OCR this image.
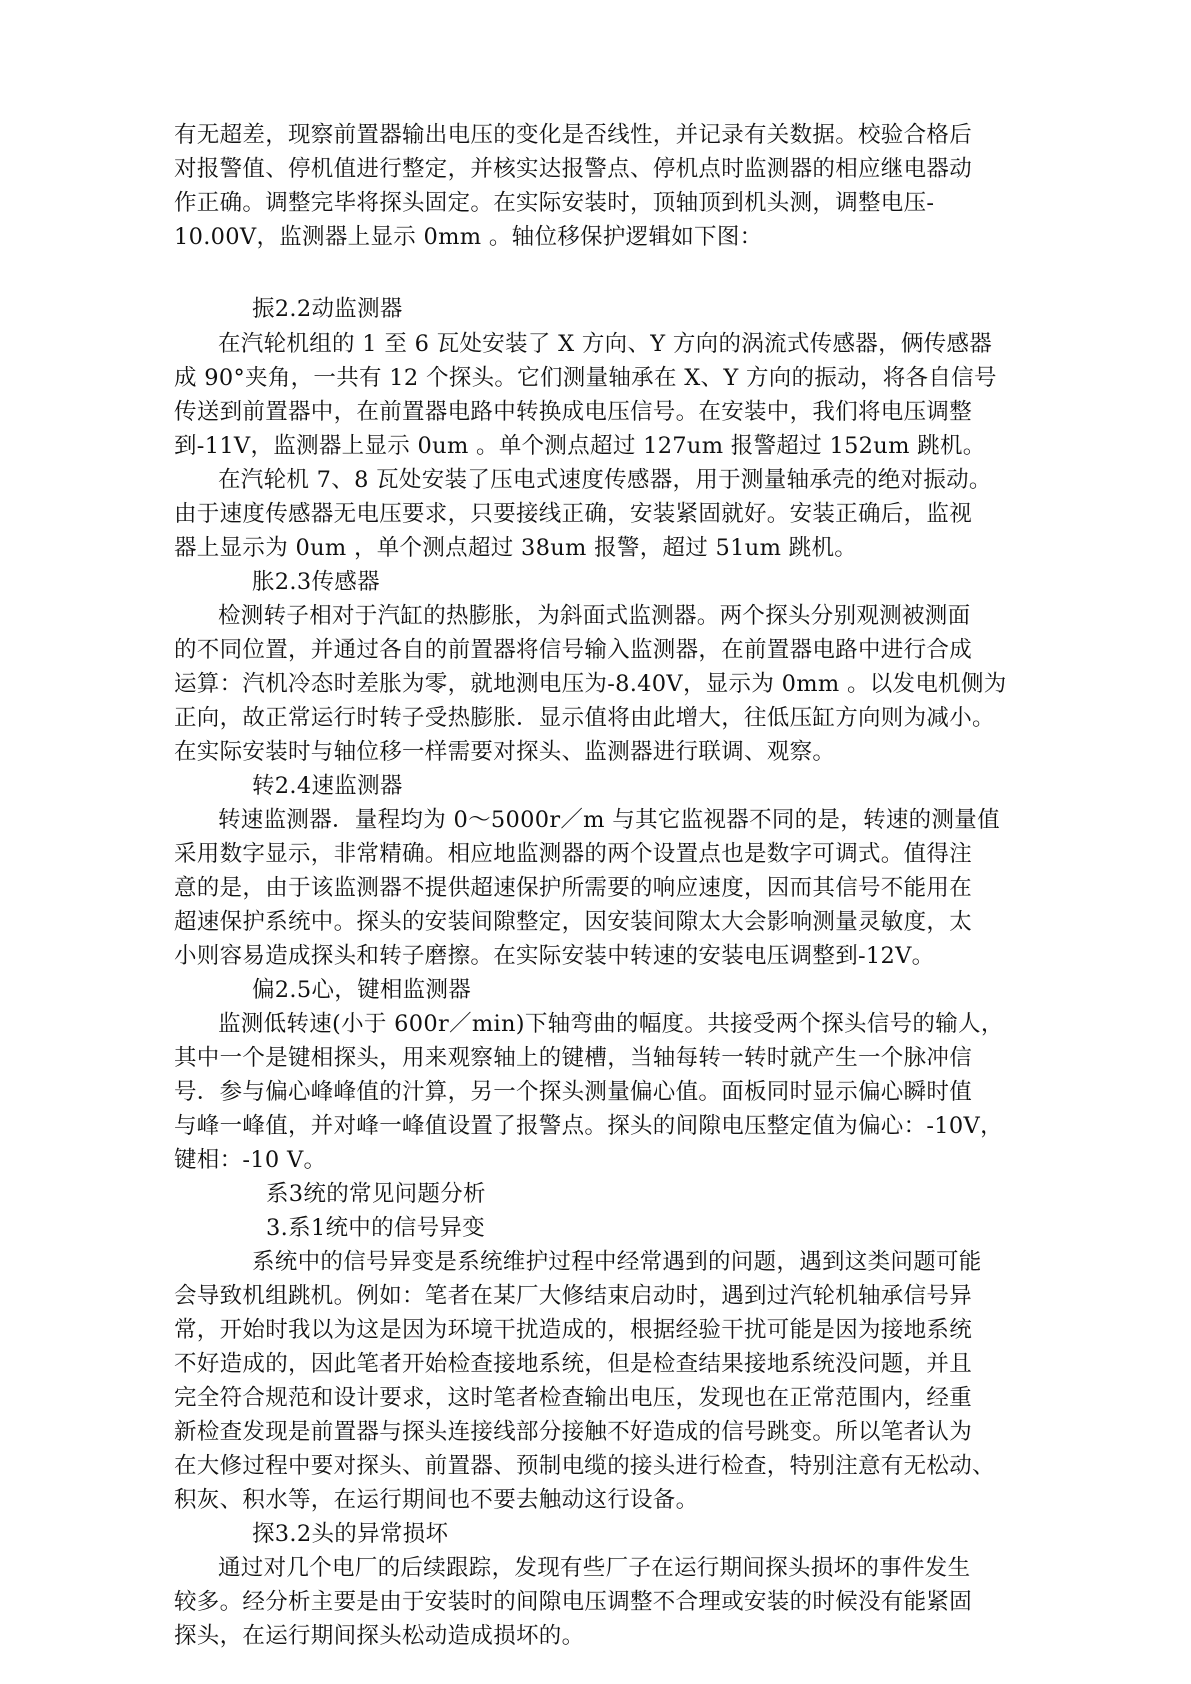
有无超差，现察前置器输出电压的变化是否线性，并记录有关数据。校验合格后
对报警值、停机值进行整定，并核实达报警点、停机点时监测器的相应继电器动
作正确。调整完毕将探头固定。在实际安装时，顶轴顶到机头测，调整电压-
10.00V，监测器上显示 0mm 。轴位移保护逻辑如下图：
振2.2动监测器
在汽轮机组的 1 至 6 瓦处安装了 X 方向、Y 方向的涡流式传感器，俩传感器
成 90°夹角，一共有 12 个探头。它们测量轴承在 X、Y 方向的振动，将各自信号
传送到前置器中，在前置器电路中转换成电压信号。在安装中，我们将电压调整
到-11V，监测器上显示 0um 。单个测点超过 127um 报警超过 152um 跳机。
在汽轮机 7、8 瓦处安装了压电式速度传感器，用于测量轴承壳的绝对振动。
由于速度传感器无电压要求，只要接线正确，安装紧固就好。安装正确后，监视
器上显示为 0um ，单个测点超过 38um 报警，超过 51um 跳机。
胀2.3传感器
检测转子相对于汽缸的热膨胀，为斜面式监测器。两个探头分别观测被测面
的不同位置，并通过各自的前置器将信号输入监测器，在前置器电路中进行合成
运算：汽机冷态时差胀为零，就地测电压为-8.40V，显示为 0mm 。以发电机侧为
正向，故正常运行时转子受热膨胀．显示值将由此增大，往低压缸方向则为减小。
在实际安装时与轴位移一样需要对探头、监测器进行联调、观察。
转2.4速监测器
转速监测器．量程均为 0～5000r／m 与其它监视器不同的是，转速的测量值
采用数字显示，非常精确。相应地监测器的两个设置点也是数字可调式。值得注
意的是，由于该监测器不提供超速保护所需要的响应速度，因而其信号不能用在
超速保护系统中。探头的安装间隙整定，因安装间隙太大会影响测量灵敏度，太
小则容易造成探头和转子磨擦。在实际安装中转速的安装电压调整到-12V。
偏2.5心，键相监测器
监测低转速(小于 600r／min)下轴弯曲的幅度。共接受两个探头信号的输人，
其中一个是键相探头，用来观察轴上的键槽，当轴每转一转时就产生一个脉冲信
号．参与偏心峰峰值的汁算，另一个探头测量偏心值。面板同时显示偏心瞬时值
与峰一峰值，并对峰一峰值设置了报警点。探头的间隙电压整定值为偏心：-10V，
键相：-10 V。
系3统的常见问题分析
3.系1统中的信号异变
系统中的信号异变是系统维护过程中经常遇到的问题，遇到这类问题可能
会导致机组跳机。例如：笔者在某厂大修结束启动时，遇到过汽轮机轴承信号异
常，开始时我以为这是因为环境干扰造成的，根据经验干扰可能是因为接地系统
不好造成的，因此笔者开始检查接地系统，但是检查结果接地系统没问题，并且
完全符合规范和设计要求，这时笔者检查输出电压，发现也在正常范围内，经重
新检查发现是前置器与探头连接线部分接触不好造成的信号跳变。所以笔者认为
在大修过程中要对探头、前置器、预制电缆的接头进行检查，特别注意有无松动、
积灰、积水等，在运行期间也不要去触动这行设备。
探3.2头的异常损坏
通过对几个电厂的后续跟踪，发现有些厂子在运行期间探头损坏的事件发生
较多。经分析主要是由于安装时的间隙电压调整不合理或安装的时候没有能紧固
探头，在运行期间探头松动造成损坏的。
